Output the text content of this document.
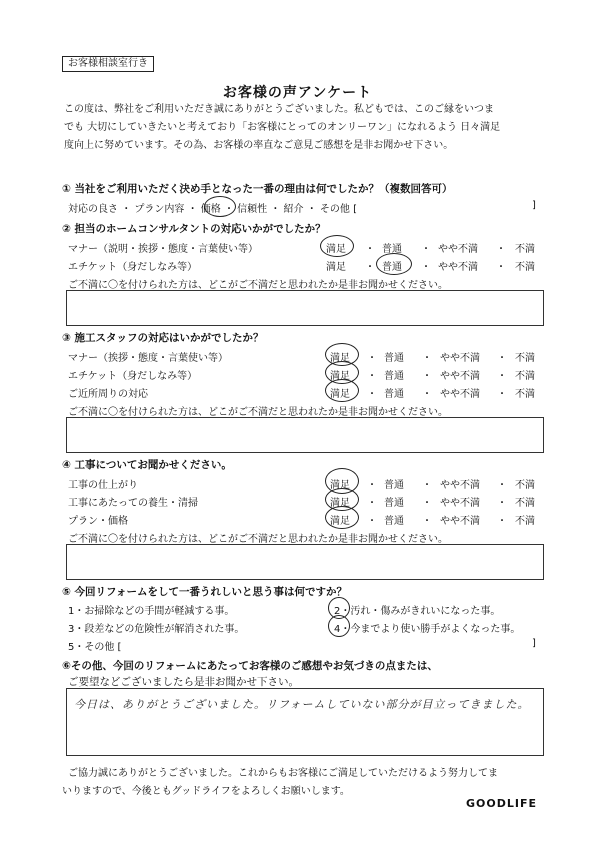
お客様相談室行き
お客様の声アンケート

この度は、弊社をご利用いただき誠にありがとうございました。私どもでは、このご縁をいつま

でも 大切にしていきたいと考えており「お客様にとってのオンリーワン」になれるよう 日々満足

度向上に努めています。その為、お客様の率直なご意見ご感想を是非お聞かせ下さい。

① 当社をご利用いただく決め手となった一番の理由は何でしたか？（複数回答可）
対応の良さ ・ プラン内容 ・ 価格 ・ 信頼性 ・ 紹介 ・ その他 [	]
② 担当のホームコンサルタントの対応いかがでしたか？
マナー（説明・挨拶・態度・言葉使い等）	満足 ・ 普通 ・ やや不満 ・ 不満
エチケット（身だしなみ等）	満足 ・ 普通 ・ やや不満 ・ 不満
ご不満に〇を付けられた方は、どこがご不満だと思われたか是非お聞かせください。
③ 施工スタッフの対応はいかがでしたか？
マナー（挨拶・態度・言葉使い等）	満足 ・ 普通 ・ やや不満 ・ 不満
エチケット（身だしなみ等）	満足 ・ 普通 ・ やや不満 ・ 不満
ご近所周りの対応	満足 ・ 普通 ・ やや不満 ・ 不満
ご不満に〇を付けられた方は、どこがご不満だと思われたか是非お聞かせください。
④ 工事についてお聞かせください。
工事の仕上がり	満足 ・ 普通 ・ やや不満 ・ 不満
工事にあたっての養生・清掃	満足 ・ 普通 ・ やや不満 ・ 不満
プラン・価格	満足 ・ 普通 ・ やや不満 ・ 不満
ご不満に〇を付けられた方は、どこがご不満だと思われたか是非お聞かせください。
⑤ 今回リフォームをして一番うれしいと思う事は何ですか？
1・お掃除などの手間が軽減する事。	2・汚れ・傷みがきれいになった事。
3・段差などの危険性が解消された事。	4・今までより使い勝手がよくなった事。
5・その他 [	]
⑥その他、今回のリフォームにあたってお客様のご感想やお気づきの点または、
ご要望などございましたら是非お聞かせ下さい。
今日は、ありがとうございました。リフォームしていない部分が目立ってきました。
ご協力誠にありがとうございました。これからもお客様にご満足していただけるよう努力してま
いりますので、今後ともグッドライフをよろしくお願いします。
GOODLIFE
